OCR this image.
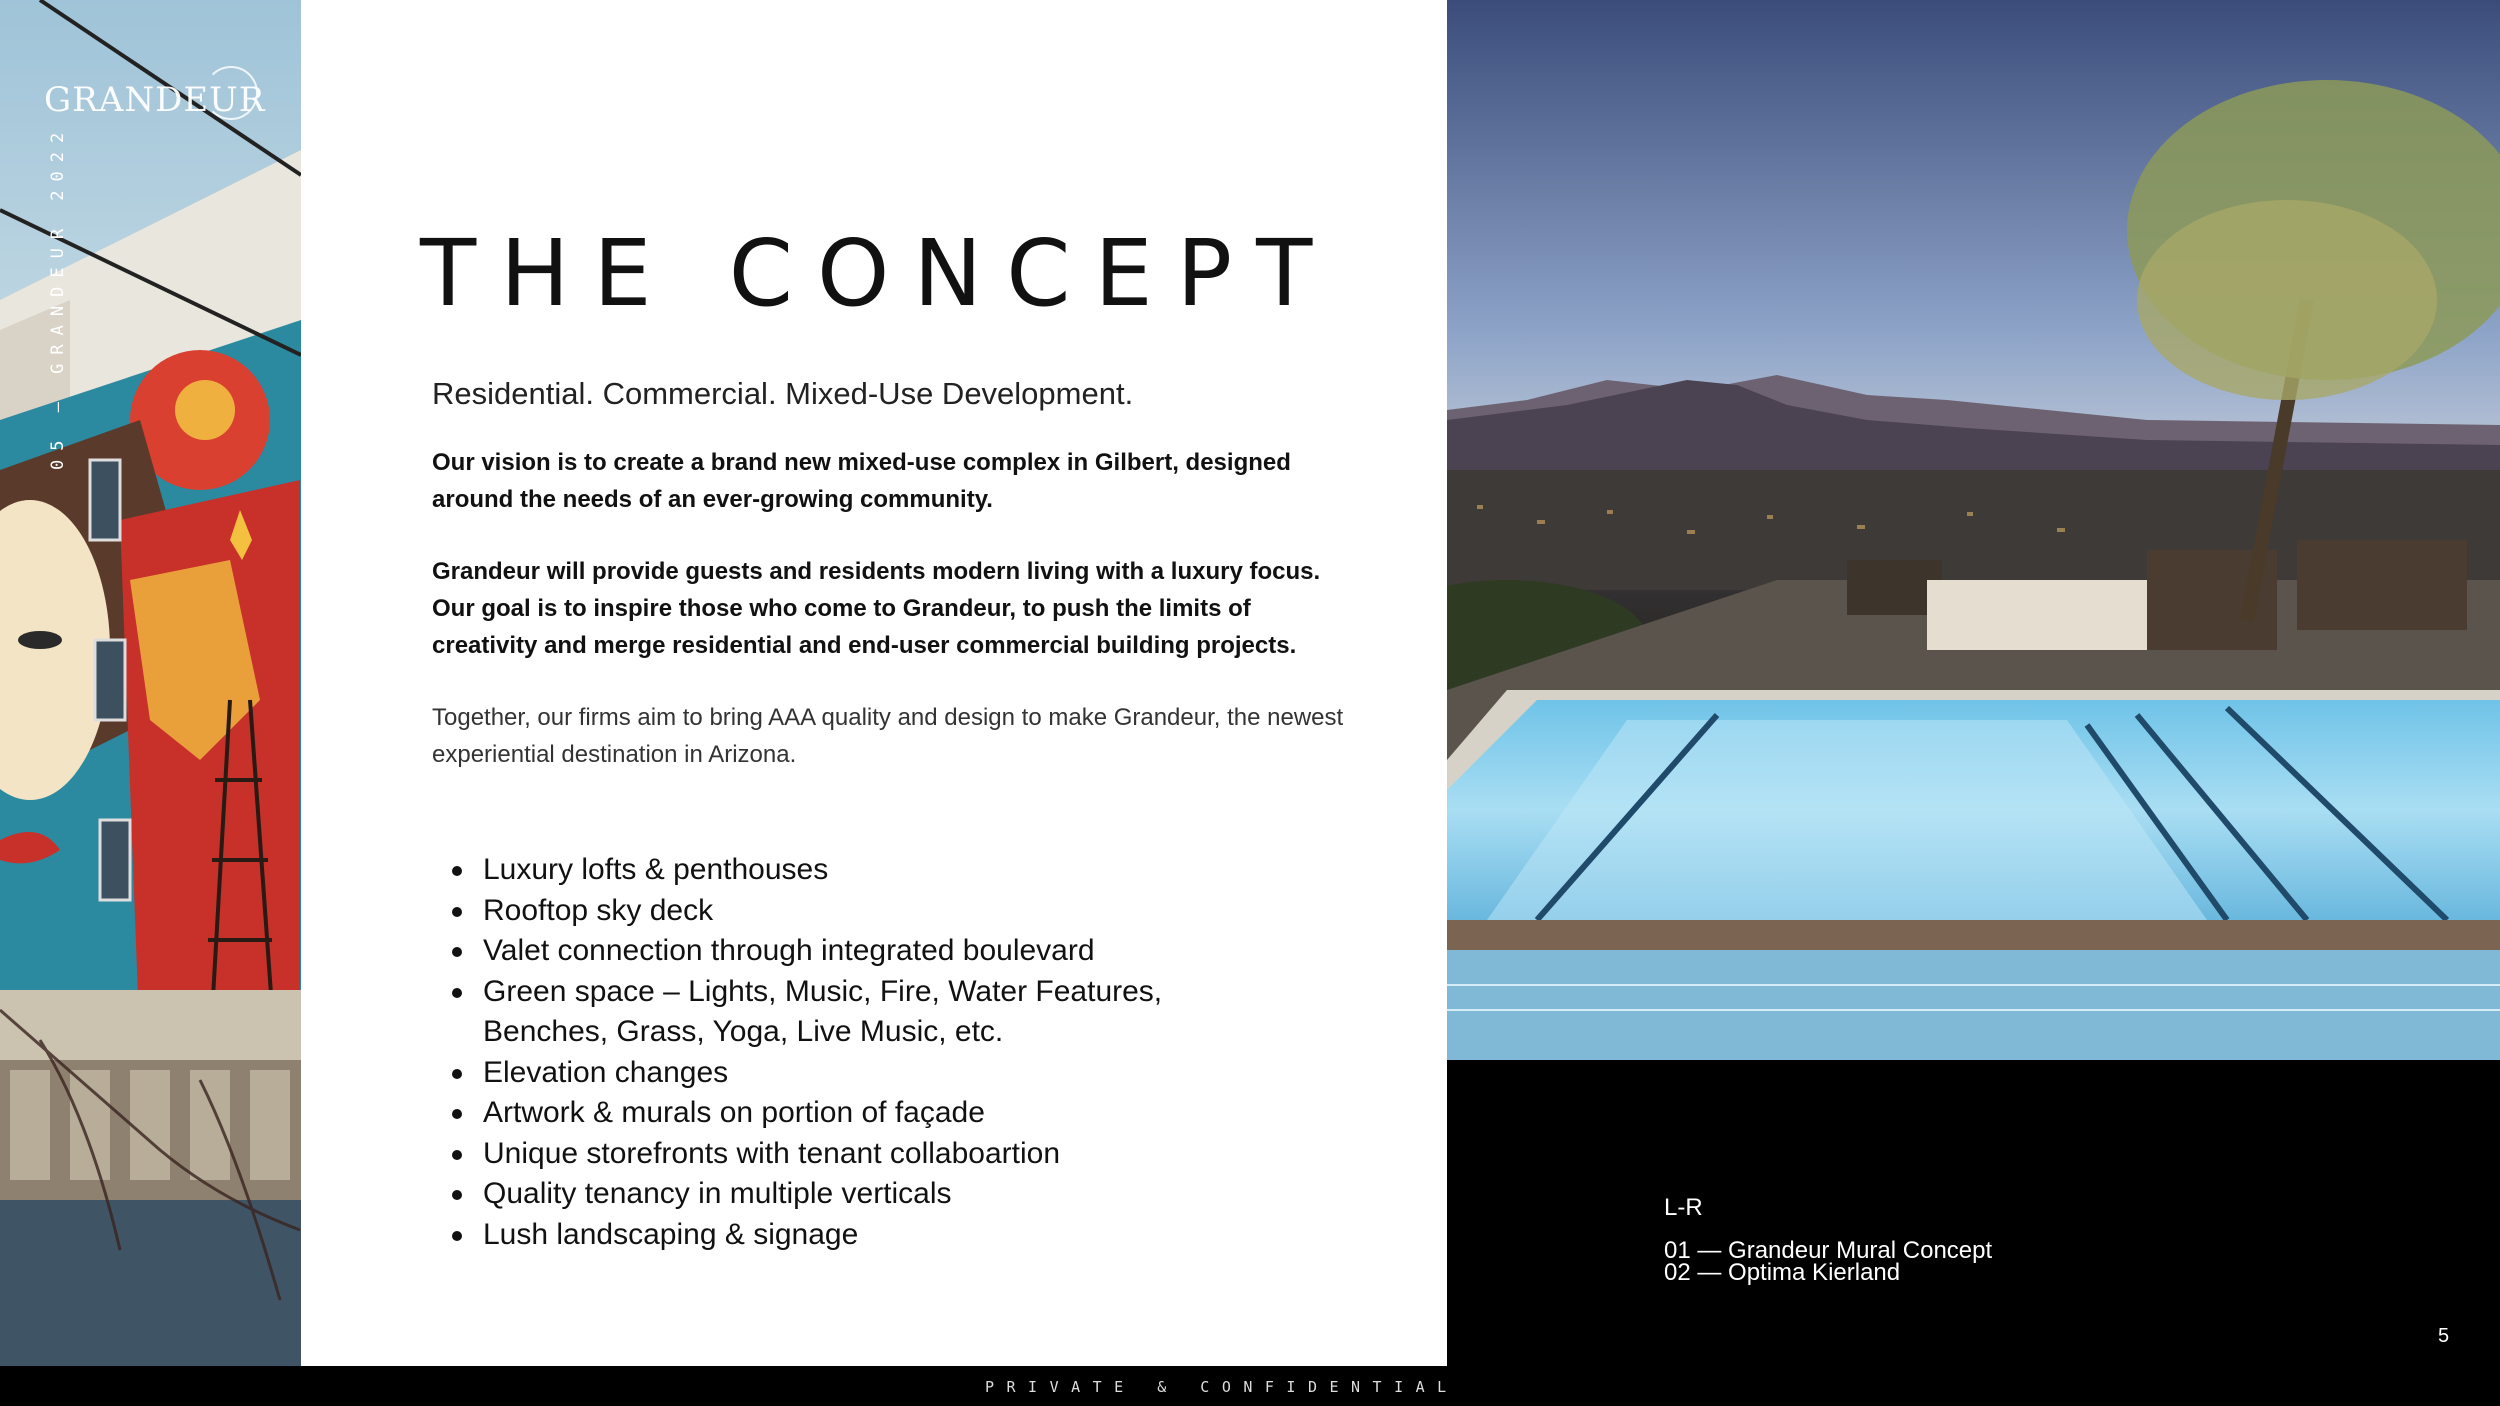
GRANDEUR
05 — GRANDEUR 2022	THE CONCEPT
Residential. Commercial. Mixed-Use Development.

Our vision is to create a brand new mixed-use complex in Gilbert, designed around the needs of an ever-growing community.

Grandeur will provide guests and residents modern living with a luxury focus. Our goal is to inspire those who come to Grandeur, to push the limits of creativity and merge residential and end-user commercial building projects.

Together, our firms aim to bring AAA quality and design to make Grandeur, the newest experiential destination in Arizona.

Luxury lofts & penthouses
Rooftop sky deck
Valet connection through integrated boulevard
Green space – Lights, Music, Fire, Water Features, Benches, Grass, Yoga, Live Music, etc.
Elevation changes
Artwork & murals on portion of façade
Unique storefronts with tenant collaboartion
Quality tenancy in multiple verticals
Lush landscaping & signage
L-R
01 — Grandeur Mural Concept
02 — Optima Kierland
5
PRIVATE & CONFIDENTIAL
